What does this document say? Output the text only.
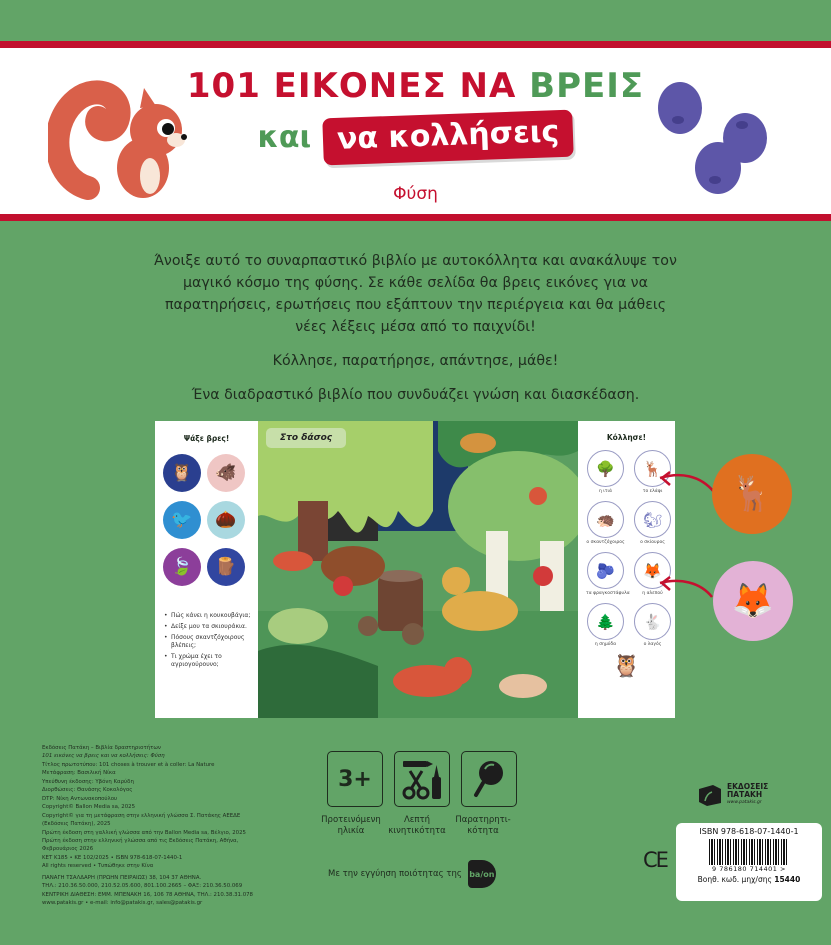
101 ΕΙΚΟΝΕΣ ΝΑ ΒΡΕΙΣ
και να κολλήσεις
Φύση

Άνοιξε αυτό το συναρπαστικό βιβλίο με αυτοκόλλητα και ανακάλυψε τον μαγικό κόσμο της φύσης. Σε κάθε σελίδα θα βρεις εικόνες για να παρατηρήσεις, ερωτήσεις που εξάπτουν την περιέργεια και θα μάθεις νέες λέξεις μέσα από το παιχνίδι!

Κόλλησε, παρατήρησε, απάντησε, μάθε!

Ένα διαδραστικό βιβλίο που συνδυάζει γνώση και διασκέδαση.

Ψάξε βρες!
🦉	🐗
🐦	🌰
🍃	🪵
• Πώς κάνει η κουκουβάγια;
• Δείξε μου τα σκιουράκια.
• Πόσους σκαντζόχοιρους βλέπεις;
• Τι χρώμα έχει το αγριογούρουνο;
Στο δάσος	Κόλλησε!
🌳
η ιτιά
🦌
το ελάφι
🦔
ο σκαντζόχοιρος
🐿
ο σκίουρος
🫐
τα φραγκοστάφυλα
🦊
η αλεπού
🌲
η σημύδα
🐇
ο λαγός
🦉
🦌
🦊
Εκδόσεις Πατάκη – Βιβλία δραστηριοτήτων
101 εικόνες να βρεις και να κολλήσεις: Φύση
Τίτλος πρωτοτύπου: 101 choses à trouver et à coller: La Nature
Μετάφραση: Βασιλική Νίκα
Υπεύθυνη έκδοσης: Υβόνη Καρύδη
Διορθώσεις: Θανάσης Κοκολόγος
DTP: Νίκη Αντωνακοπούλου
Copyright© Ballon Media sa, 2025
Copyright© για τη μετάφραση στην ελληνική γλώσσα Σ. Πατάκης ΑΕΕΔΕ
(Εκδόσεις Πατάκη), 2025
Πρώτη έκδοση στη γαλλική γλώσσα από την Ballon Media sa, Βέλγιο, 2025
Πρώτη έκδοση στην ελληνική γλώσσα από τις Εκδόσεις Πατάκη, Αθήνα,
Φεβρουάριος 2026
ΚΕΤ Κ185 • ΚΕ 102/2025 • ISBN 978-618-07-1440-1
All rights reserved • Τυπώθηκε στην Κίνα
ΠΑΝΑΓΗ ΤΣΑΛΔΑΡΗ (ΠΡΩΗΝ ΠΕΙΡΑΙΩΣ) 38, 104 37 ΑΘΗΝΑ.
ΤΗΛ.: 210.36.50.000, 210.52.05.600, 801.100.2665 – ΦΑΞ: 210.36.50.069
ΚΕΝΤΡΙΚΗ ΔΙΑΘΕΣΗ: ΕΜΜ. ΜΠΕΝΑΚΗ 16, 106 78 ΑΘΗΝΑ, ΤΗΛ.: 210.38.31.078
www.patakis.gr • e-mail: info@patakis.gr, sales@patakis.gr
3+
Προτεινόμενη
ηλικία
Λεπτή
κινητικότητα
Παρατηρητι-
κότητα
Με την εγγύηση ποιότητας της ba/on
ΕΚΔΟΣΕΙΣ
ΠΑΤΑΚΗ
www.patakis.gr
CE
ISBN 978-618-07-1440-1
9 786180 714401 >
Βοηθ. κωδ. μηχ/σης 15440
